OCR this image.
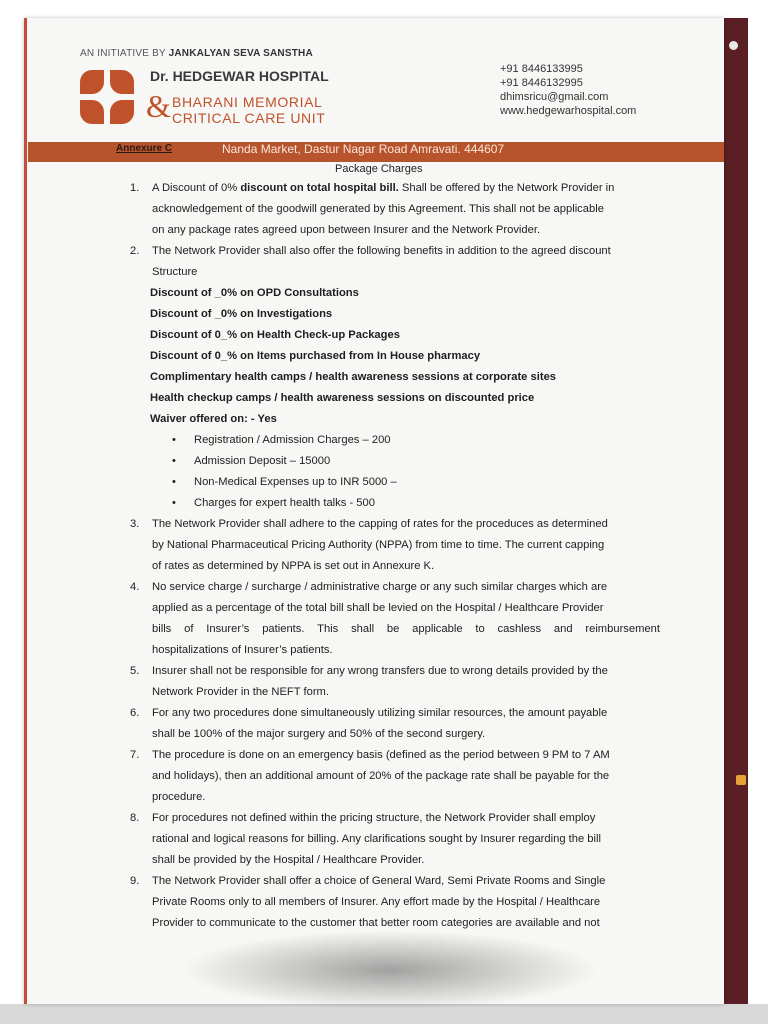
AN INITIATIVE BY JANKALYAN SEVA SANSTHA
Dr. HEDGEWAR HOSPITAL
& BHARANI MEMORIAL
CRITICAL CARE UNIT
+91 8446133995
+91 8446132995
dhimsricu@gmail.com
www.hedgewarhospital.com
Annexure C	Nanda Market, Dastur Nagar Road Amravati. 444607
Package Charges
1. A Discount of 0% discount on total hospital bill. Shall be offered by the Network Provider in
acknowledgement of the goodwill generated by this Agreement. This shall not be applicable
on any package rates agreed upon between Insurer and the Network Provider.
2. The Network Provider shall also offer the following benefits in addition to the agreed discount
Structure
Discount of _0% on OPD Consultations
Discount of _0% on Investigations
Discount of 0_% on Health Check-up Packages
Discount of 0_% on Items purchased from In House pharmacy
Complimentary health camps / health awareness sessions at corporate sites
Health checkup camps / health awareness sessions on discounted price
Waiver offered on: - Yes
• Registration / Admission Charges – 200
• Admission Deposit – 15000
• Non-Medical Expenses up to INR 5000 –
• Charges for expert health talks - 500
3. The Network Provider shall adhere to the capping of rates for the proceduces as determined
by National Pharmaceutical Pricing Authority (NPPA) from time to time. The current capping
of rates as determined by NPPA is set out in Annexure K.
4. No service charge / surcharge / administrative charge or any such similar charges which are
applied as a percentage of the total bill shall be levied on the Hospital / Healthcare Provider
bills of Insurer’s patients. This shall be applicable to cashless and reimbursement
hospitalizations of Insurer’s patients.
5. Insurer shall not be responsible for any wrong transfers due to wrong details provided by the
Network Provider in the NEFT form.
6. For any two procedures done simultaneously utilizing similar resources, the amount payable
shall be 100% of the major surgery and 50% of the second surgery.
7. The procedure is done on an emergency basis (defined as the period between 9 PM to 7 AM
and holidays), then an additional amount of 20% of the package rate shall be payable for the
procedure.
8. For procedures not defined within the pricing structure, the Network Provider shall employ
rational and logical reasons for billing. Any clarifications sought by Insurer regarding the bill
shall be provided by the Hospital / Healthcare Provider.
9. The Network Provider shall offer a choice of General Ward, Semi Private Rooms and Single
Private Rooms only to all members of Insurer. Any effort made by the Hospital / Healthcare
Provider to communicate to the customer that better room categories are available and not
